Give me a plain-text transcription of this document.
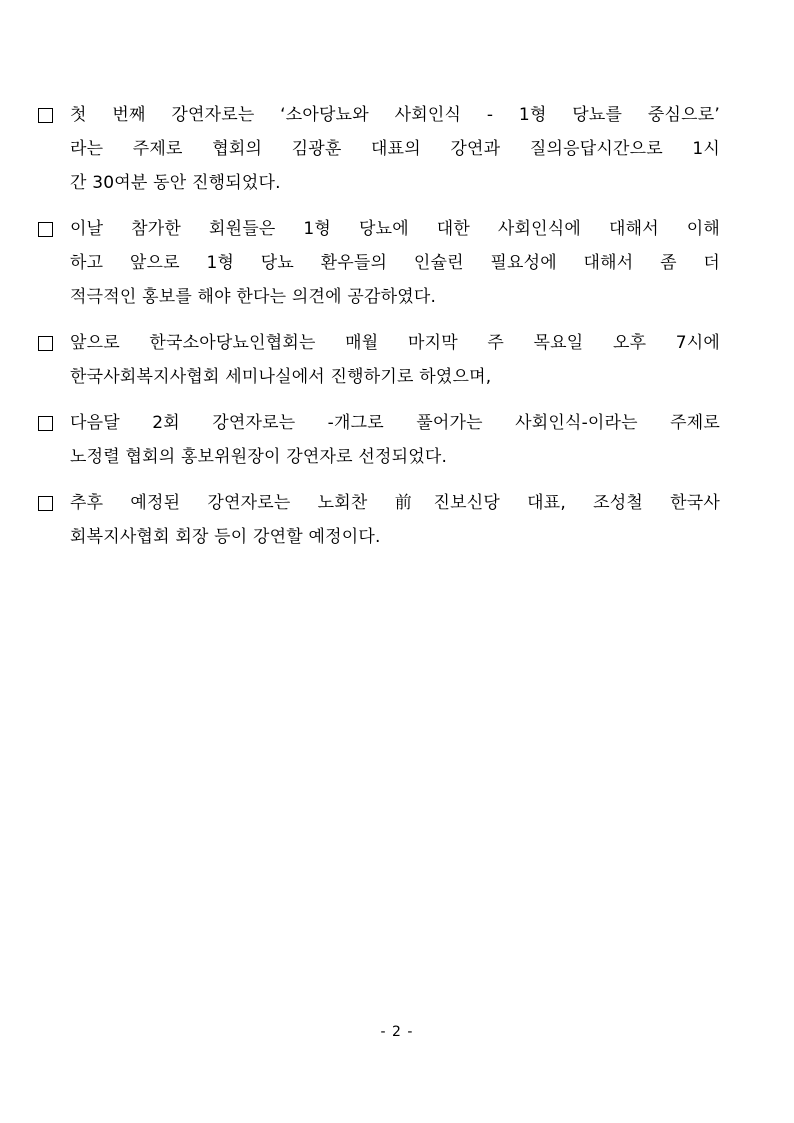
첫 번째 강연자로는 ‘소아당뇨와 사회인식 - 1형 당뇨를 중심으로’
라는 주제로 협회의 김광훈 대표의 강연과 질의응답시간으로 1시
간 30여분 동안 진행되었다.
이날 참가한 회원들은 1형 당뇨에 대한 사회인식에 대해서 이해
하고 앞으로 1형 당뇨 환우들의 인슐린 필요성에 대해서 좀 더
적극적인 홍보를 해야 한다는 의견에 공감하였다.
앞으로 한국소아당뇨인협회는 매월 마지막 주 목요일 오후 7시에
한국사회복지사협회 세미나실에서 진행하기로 하였으며,
다음달 2회 강연자로는 -개그로 풀어가는 사회인식-이라는 주제로
노정렬 협회의 홍보위원장이 강연자로 선정되었다.
추후 예정된 강연자로는 노회찬 前진보신당 대표, 조성철 한국사
회복지사협회 회장 등이 강연할 예정이다.
- 2 -
